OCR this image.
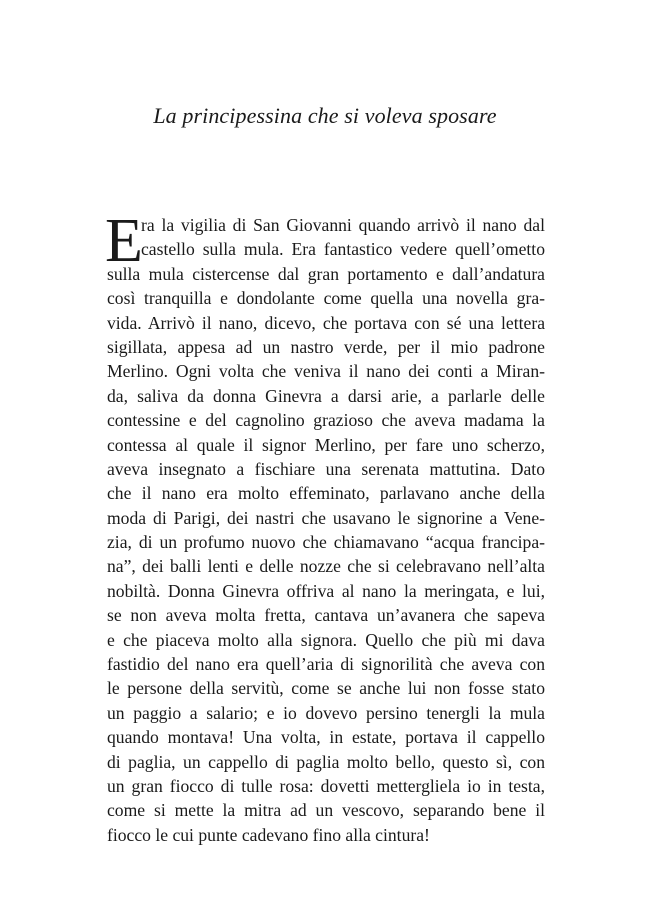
La principessina che si voleva sposare
E
ra la vigilia di San Giovanni quando arrivò il nano dal
castello sulla mula. Era fantastico vedere quell’ometto
sulla mula cistercense dal gran portamento e dall’andatura
così tranquilla e dondolante come quella una novella gra-
vida. Arrivò il nano, dicevo, che portava con sé una lettera
sigillata, appesa ad un nastro verde, per il mio padrone
Merlino. Ogni volta che veniva il nano dei conti a Miran-
da, saliva da donna Ginevra a darsi arie, a parlarle delle
contessine e del cagnolino grazioso che aveva madama la
contessa al quale il signor Merlino, per fare uno scherzo,
aveva insegnato a fischiare una serenata mattutina. Dato
che il nano era molto effeminato, parlavano anche della
moda di Parigi, dei nastri che usavano le signorine a Vene-
zia, di un profumo nuovo che chiamavano “acqua francipa-
na”, dei balli lenti e delle nozze che si celebravano nell’alta
nobiltà. Donna Ginevra offriva al nano la meringata, e lui,
se non aveva molta fretta, cantava un’avanera che sapeva
e che piaceva molto alla signora. Quello che più mi dava
fastidio del nano era quell’aria di signorilità che aveva con
le persone della servitù, come se anche lui non fosse stato
un paggio a salario; e io dovevo persino tenergli la mula
quando montava! Una volta, in estate, portava il cappello
di paglia, un cappello di paglia molto bello, questo sì, con
un gran fiocco di tulle rosa: dovetti mettergliela io in testa,
come si mette la mitra ad un vescovo, separando bene il
fiocco le cui punte cadevano fino alla cintura!
